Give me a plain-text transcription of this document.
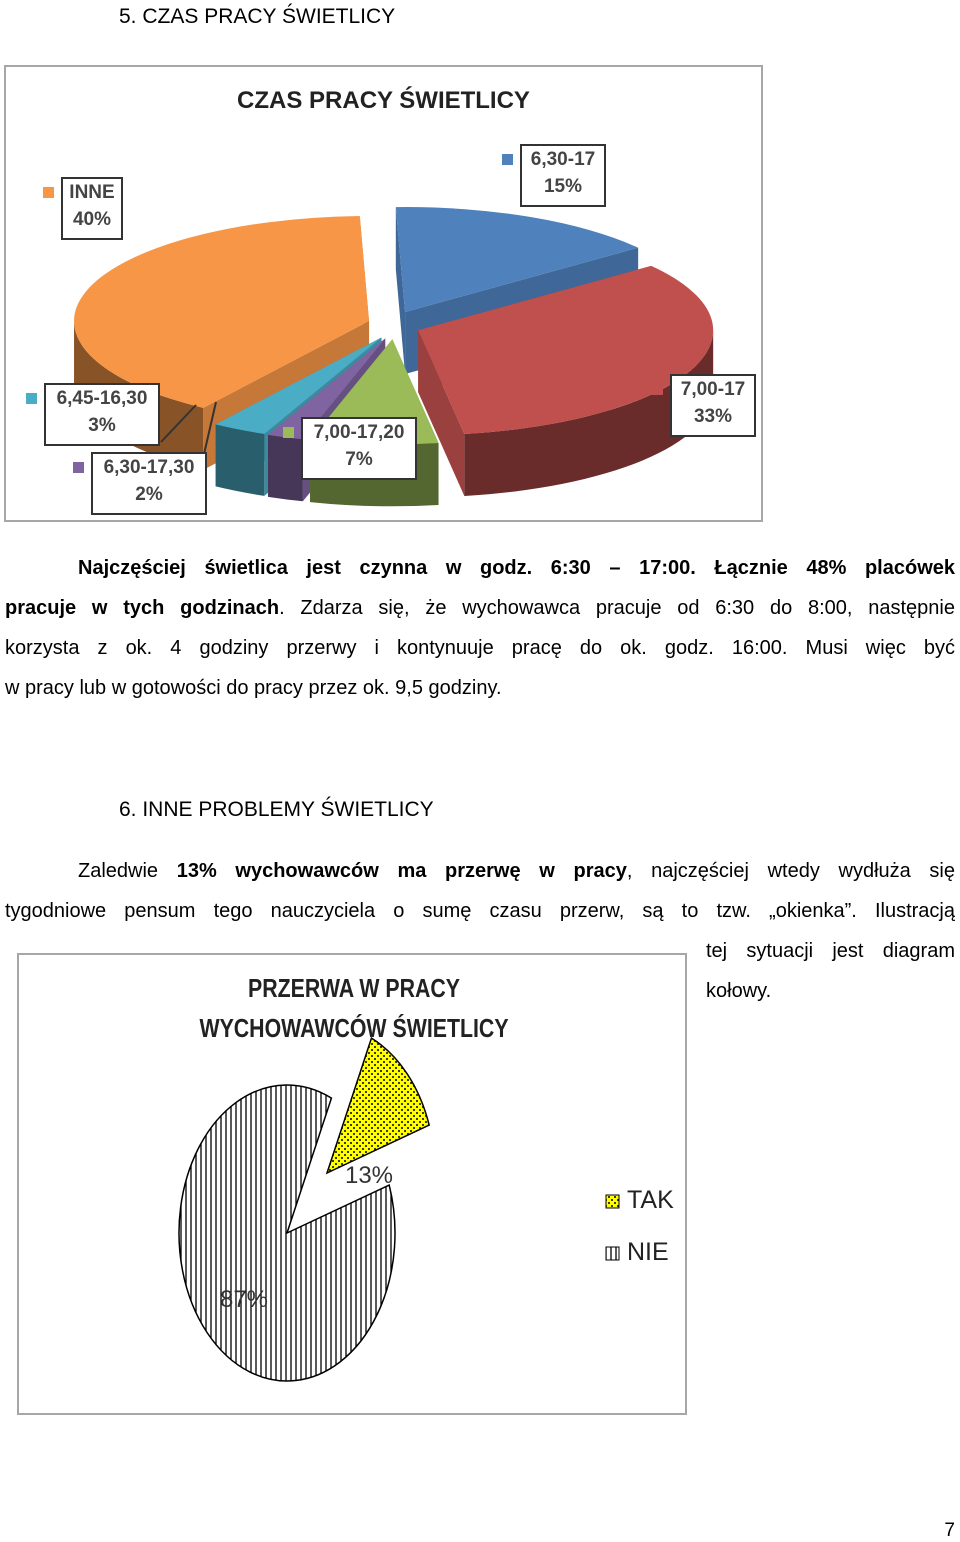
5. CZAS PRACY ŚWIETLICY
CZAS PRACY ŚWIETLICY
6,30-17
15%
7,00-17
33%
7,00-17,20
7%
6,30-17,30
2%
6,45-16,30
3%
INNE
40%
Najczęściej świetlica jest czynna w godz. 6:30 – 17:00. Łącznie 48% placówek
pracuje w tych godzinach. Zdarza się, że wychowawca pracuje od 6:30 do 8:00, następnie
korzysta z ok. 4 godziny przerwy i kontynuuje pracę do ok. godz. 16:00. Musi więc być
w pracy lub w gotowości do pracy przez ok. 9,5 godziny.
6. INNE PROBLEMY ŚWIETLICY
Zaledwie 13% wychowawców ma przerwę w pracy, najczęściej wtedy wydłuża się
tygodniowe pensum tego nauczyciela o sumę czasu przerw, są to tzw. „okienka”. Ilustracją
tej sytuacji jest diagram
kołowy.
PRZERWA W PRACY
WYCHOWAWCÓW ŚWIETLICY
13%
87%
TAK
NIE
7
